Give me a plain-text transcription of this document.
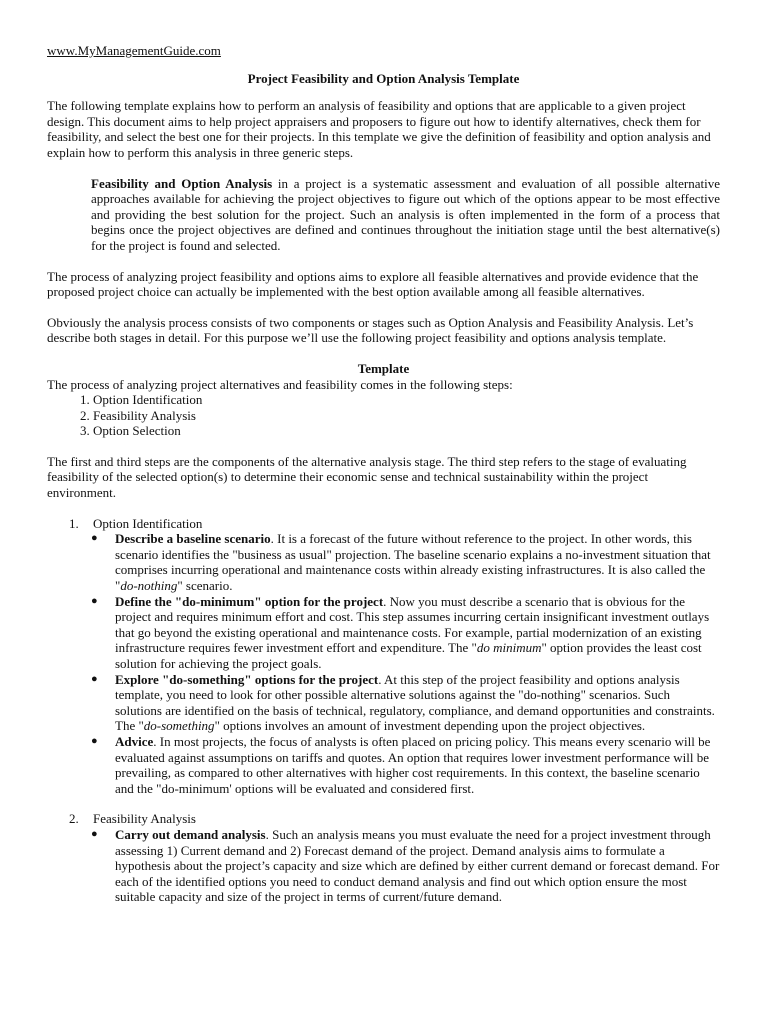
www.MyManagementGuide.com

Project Feasibility and Option Analysis Template

The following template explains how to perform an analysis of feasibility and options that are applicable to a given project design. This document aims to help project appraisers and proposers to figure out how to identify alternatives, check them for feasibility, and select the best one for their projects. In this template we give the definition of feasibility and option analysis and explain how to perform this analysis in three generic steps.

Feasibility and Option Analysis in a project is a systematic assessment and evaluation of all possible alternative approaches available for achieving the project objectives to figure out which of the options appear to be most effective and providing the best solution for the project. Such an analysis is often implemented in the form of a process that begins once the project objectives are defined and continues throughout the initiation stage until the best alternative(s) for the project is found and selected.

The process of analyzing project feasibility and options aims to explore all feasible alternatives and provide evidence that the proposed project choice can actually be implemented with the best option available among all feasible alternatives.

Obviously the analysis process consists of two components or stages such as Option Analysis and Feasibility Analysis. Let’s describe both stages in detail. For this purpose we’ll use the following project feasibility and options analysis template.

Template

The process of analyzing project alternatives and feasibility comes in the following steps:

1. Option Identification
2. Feasibility Analysis
3. Option Selection

The first and third steps are the components of the alternative analysis stage. The third step refers to the stage of evaluating feasibility of the selected option(s) to determine their economic sense and technical sustainability within the project environment.

1. Option Identification

● Describe a baseline scenario. It is a forecast of the future without reference to the project. In other words, this scenario identifies the "business as usual" projection. The baseline scenario explains a no-investment situation that comprises incurring operational and maintenance costs within already existing infrastructures. It is also called the "do-nothing" scenario.
● Define the "do-minimum" option for the project. Now you must describe a scenario that is obvious for the project and requires minimum effort and cost. This step assumes incurring certain insignificant investment outlays that go beyond the existing operational and maintenance costs. For example, partial modernization of an existing infrastructure requires fewer investment effort and expenditure. The "do minimum" option provides the least cost solution for achieving the project goals.
● Explore "do-something" options for the project. At this step of the project feasibility and options analysis template, you need to look for other possible alternative solutions against the "do-nothing" scenarios. Such solutions are identified on the basis of technical, regulatory, compliance, and demand opportunities and constraints. The "do-something" options involves an amount of investment depending upon the project objectives.
● Advice. In most projects, the focus of analysts is often placed on pricing policy. This means every scenario will be evaluated against assumptions on tariffs and quotes. An option that requires lower investment performance will be prevailing, as compared to other alternatives with higher cost requirements. In this context, the baseline scenario and the "do-minimum' options will be evaluated and considered first.

2. Feasibility Analysis

● Carry out demand analysis. Such an analysis means you must evaluate the need for a project investment through assessing 1) Current demand and 2) Forecast demand of the project. Demand analysis aims to formulate a hypothesis about the project’s capacity and size which are defined by either current demand or forecast demand. For each of the identified options you need to conduct demand analysis and find out which option ensure the most suitable capacity and size of the project in terms of current/future demand.
